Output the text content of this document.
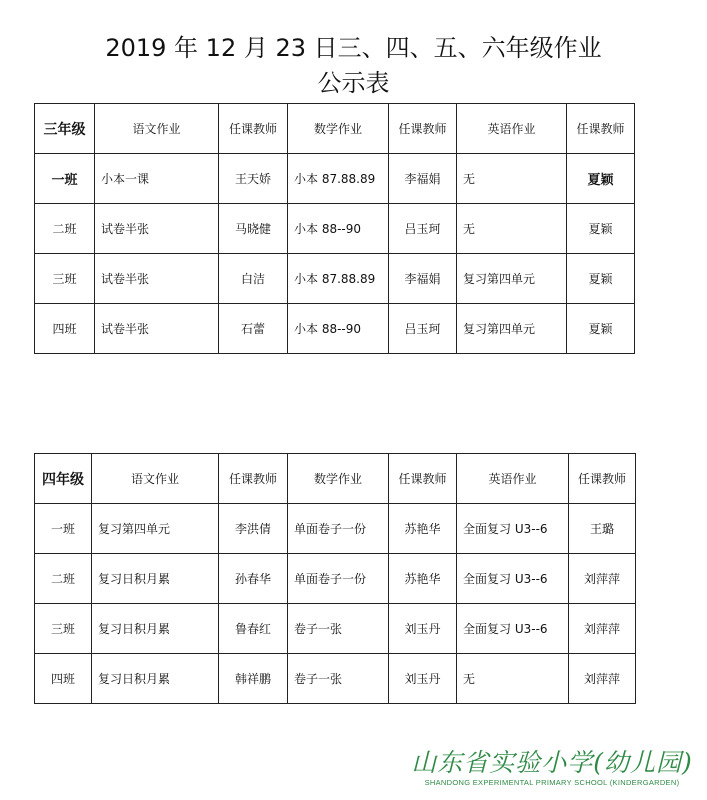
2019 年 12 月 23 日三、四、五、六年级作业
公示表
三年级	语文作业	任课教师	数学作业	任课教师	英语作业	任课教师
一班	小本一课	王天娇	小本 87.88.89	李福娟	无	夏颖
二班	试卷半张	马晓健	小本 88--90	吕玉珂	无	夏颖
三班	试卷半张	白洁	小本 87.88.89	李福娟	复习第四单元	夏颖
四班	试卷半张	石蕾	小本 88--90	吕玉珂	复习第四单元	夏颖
四年级	语文作业	任课教师	数学作业	任课教师	英语作业	任课教师
一班	复习第四单元	李洪倩	单面卷子一份	苏艳华	全面复习 U3--6	王璐
二班	复习日积月累	孙春华	单面卷子一份	苏艳华	全面复习 U3--6	刘萍萍
三班	复习日积月累	鲁春红	卷子一张	刘玉丹	全面复习 U3--6	刘萍萍
四班	复习日积月累	韩祥鹏	卷子一张	刘玉丹	无	刘萍萍
山东省实验小学(幼儿园)
SHANDONG EXPERIMENTAL PRIMARY SCHOOL (KINDERGARDEN)
